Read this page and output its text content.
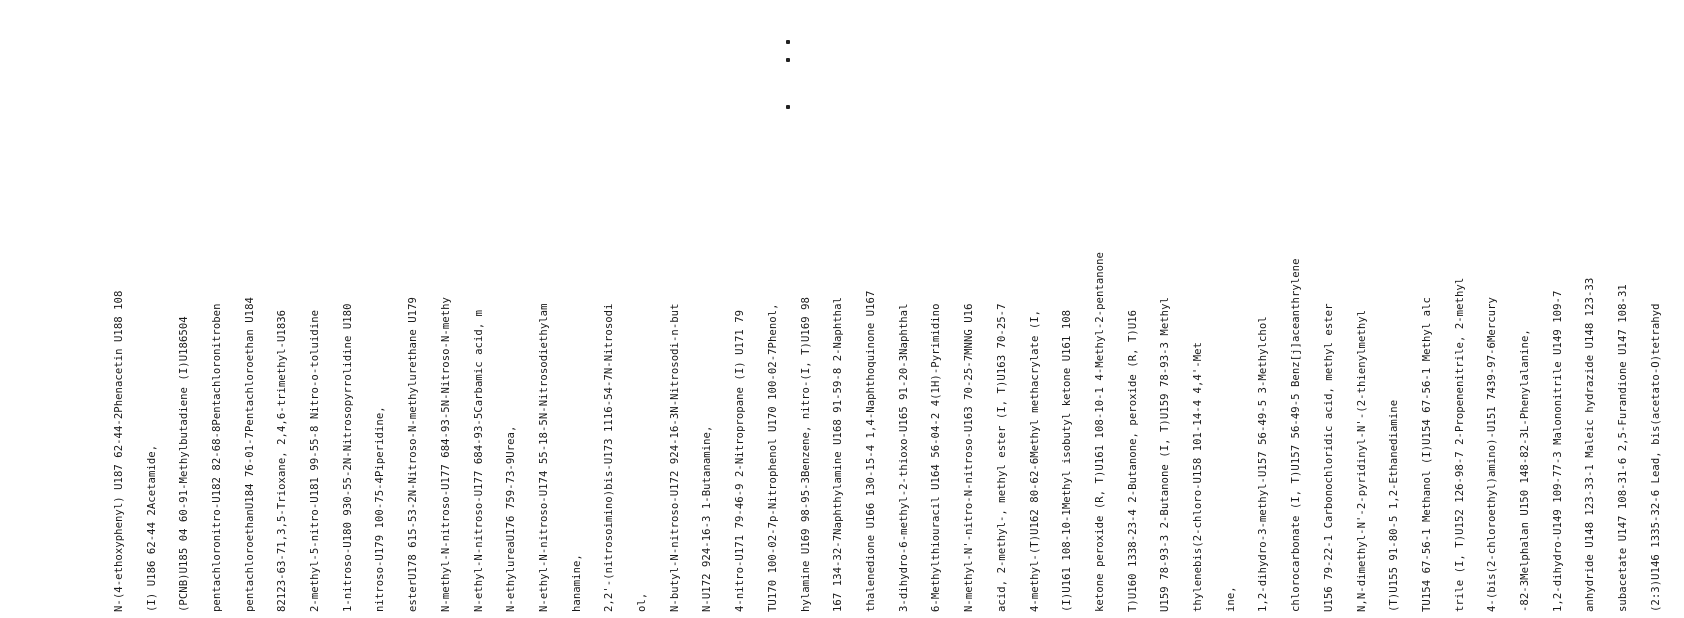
N-(4-ethoxyphenyl) U187 62-44-2Phenacetin U188 108

(I) U186 62-44 2Acetamide,

(PCNB)U185 04 60-91-Methylbutadiene (I)U186504

pentachloronitro-U182 82-68-8Pentachloronitroben

pentachloroethanU184 76-01-7Pentachloroethan U184

82123-63-71,3,5-Trioxane, 2,4,6-trimethyl-U1836

2-methyl-5-nitro-U181 99-55-8 Nitro-o-toluidine

1-nitroso-U180 930-55-2N-Nitrosopyrrolidine U180

nitroso-U179 100-75-4Piperidine,

esterU178 615-53-2N-Nitroso-N-methylurethane U179

N-methyl-N-nitroso-U177 684-93-5N-Nitroso-N-methy

N-ethyl-N-nitroso-U177 684-93-5Carbamic acid, m

N-ethylureaU176 759-73-9Urea,

N-ethyl-N-nitroso-U174 55-18-5N-Nitrosodiethylam

hanamine,

2,2'-(nitrosoimino)bis-U173 1116-54-7N-Nitrosodi

ol,

N-butyl-N-nitroso-U172 924-16-3N-Nitrosodi-n-but

N-U172 924-16-3 1-Butanamine,

4-nitro-U171 79-46-9 2-Nitropropane (I) U171 79

TU170 100-02-7p-Nitrophenol U170 100-02-7Phenol,

hylamine U169 98-95-3Benzene, nitro-(I, T)U169 98

167 134-32-7Naphthylamine U168 91-59-8 2-Naphthal

thalenedione U166 130-15-4 1,4-Naphthoquinone U167

3-dihydro-6-methyl-2-thioxo-U165 91-20-3Naphthal

6-Methylthiouracil U164 56-04-2 4(1H)-Pyrimidino

N-methyl-N'-nitro-N-nitroso-U163 70-25-7MNNG U16

acid, 2-methyl-, methyl ester (I, T)U163 70-25-7

4-methyl-(T)U162 80-62-6Methyl methacrylate (I,

(I)U161 108-10-1Methyl isobutyl ketone U161 108

ketone peroxide (R, T)U161 108-10-1 4-Methyl-2-pentanone

T)U160 1338-23-4 2-Butanone, peroxide (R, T)U16

U159 78-93-3 2-Butanone (I, T)U159 78-93-3 Methyl

thylenebis(2-chloro-U158 101-14-4 4,4'-Met

ine,

1,2-dihydro-3-methyl-U157 56-49-5 3-Methylchol

chlorocarbonate (I, T)U157 56-49-5 Benz[j]aceanthrylene

U156 79-22-1 Carbonochloridic acid, methyl ester

N,N-dimethyl-N'-2-pyridinyl-N'-(2-thienylmethyl

(T)U155 91-80-5 1,2-Ethanediamine

TU154 67-56-1 Methanol (I)U154 67-56-1 Methyl alc

trile (I, T)U152 126-98-7 2-Propenenitrile, 2-methyl

4-(bis(2-chloroethyl)amino)-U151 7439-97-6Mercury

-82-3Melphalan U150 148-82-3L-Phenylalanine,

1,2-dihydro-U149 109-77-3 Malononitrile U149 109-7

anhydride U148 123-33-1 Maleic hydrazide U148 123-33

subacetate U147 108-31-6 2,5-Furandione U147 108-31

(2:3)U146 1335-32-6 Lead, bis(acetato-O)tetrahyd
